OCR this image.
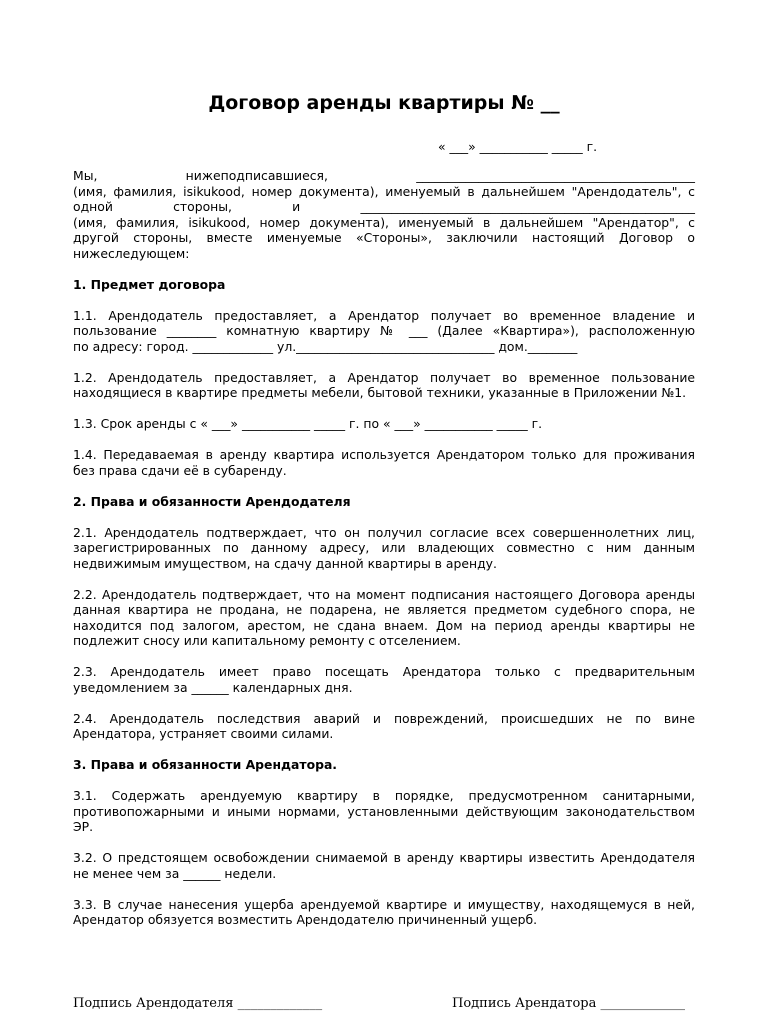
Договор аренды квартиры № __
« ___» ___________ _____ г.

Мы, нижеподписавшиеся, _____________________________________________
(имя, фамилия, isikukood, номер документа), именуемый в дальнейшем "Арендодатель", с
одной стороны, и ______________________________________________________
(имя, фамилия, isikukood, номер документа), именуемый в дальнейшем "Арендатор", с
другой стороны, вместе именуемые «Стороны», заключили настоящий Договор о нижеследующем:

1. Предмет договора

1.1. Арендодатель предоставляет, а Арендатор получает во временное владение и
пользование ________ комнатную квартиру № ___ (Далее «Квартира»), расположенную
по адресу: город. _____________ ул.________________________________ дом.________

1.2. Арендодатель предоставляет, а Арендатор получает во временное пользование находящиеся в квартире предметы мебели, бытовой техники, указанные в Приложении №1.

1.3. Срок аренды с « ___» ___________ _____ г. по « ___» ___________ _____ г.

1.4. Передаваемая в аренду квартира используется Арендатором только для проживания без права сдачи её в субаренду.

2. Права и обязанности Арендодателя

2.1. Арендодатель подтверждает, что он получил согласие всех совершеннолетних лиц, зарегистрированных по данному адресу, или владеющих совместно с ним данным недвижимым имуществом, на сдачу данной квартиры в аренду.

2.2. Арендодатель подтверждает, что на момент подписания настоящего Договора аренды данная квартира не продана, не подарена, не является предметом судебного спора, не находится под залогом, арестом, не сдана внаем. Дом на период аренды квартиры не подлежит сносу или капитальному ремонту с отселением.

2.3. Арендодатель имеет право посещать Арендатора только с предварительным уведомлением за ______ календарных дня.

2.4. Арендодатель последствия аварий и повреждений, происшедших не по вине Арендатора, устраняет своими силами.

3. Права и обязанности Арендатора.

3.1. Содержать арендуемую квартиру в порядке, предусмотренном санитарными, противопожарными и иными нормами, установленными действующим законодательством ЭР.

3.2. О предстоящем освобождении снимаемой в аренду квартиры известить Арендодателя не менее чем за ______ недели.

3.3. В случае нанесения ущерба арендуемой квартире и имуществу, находящемуся в ней, Арендатор обязуется возместить Арендодателю причиненный ущерб.

Подпись Арендодателя _____________	Подпись Арендатора _____________
